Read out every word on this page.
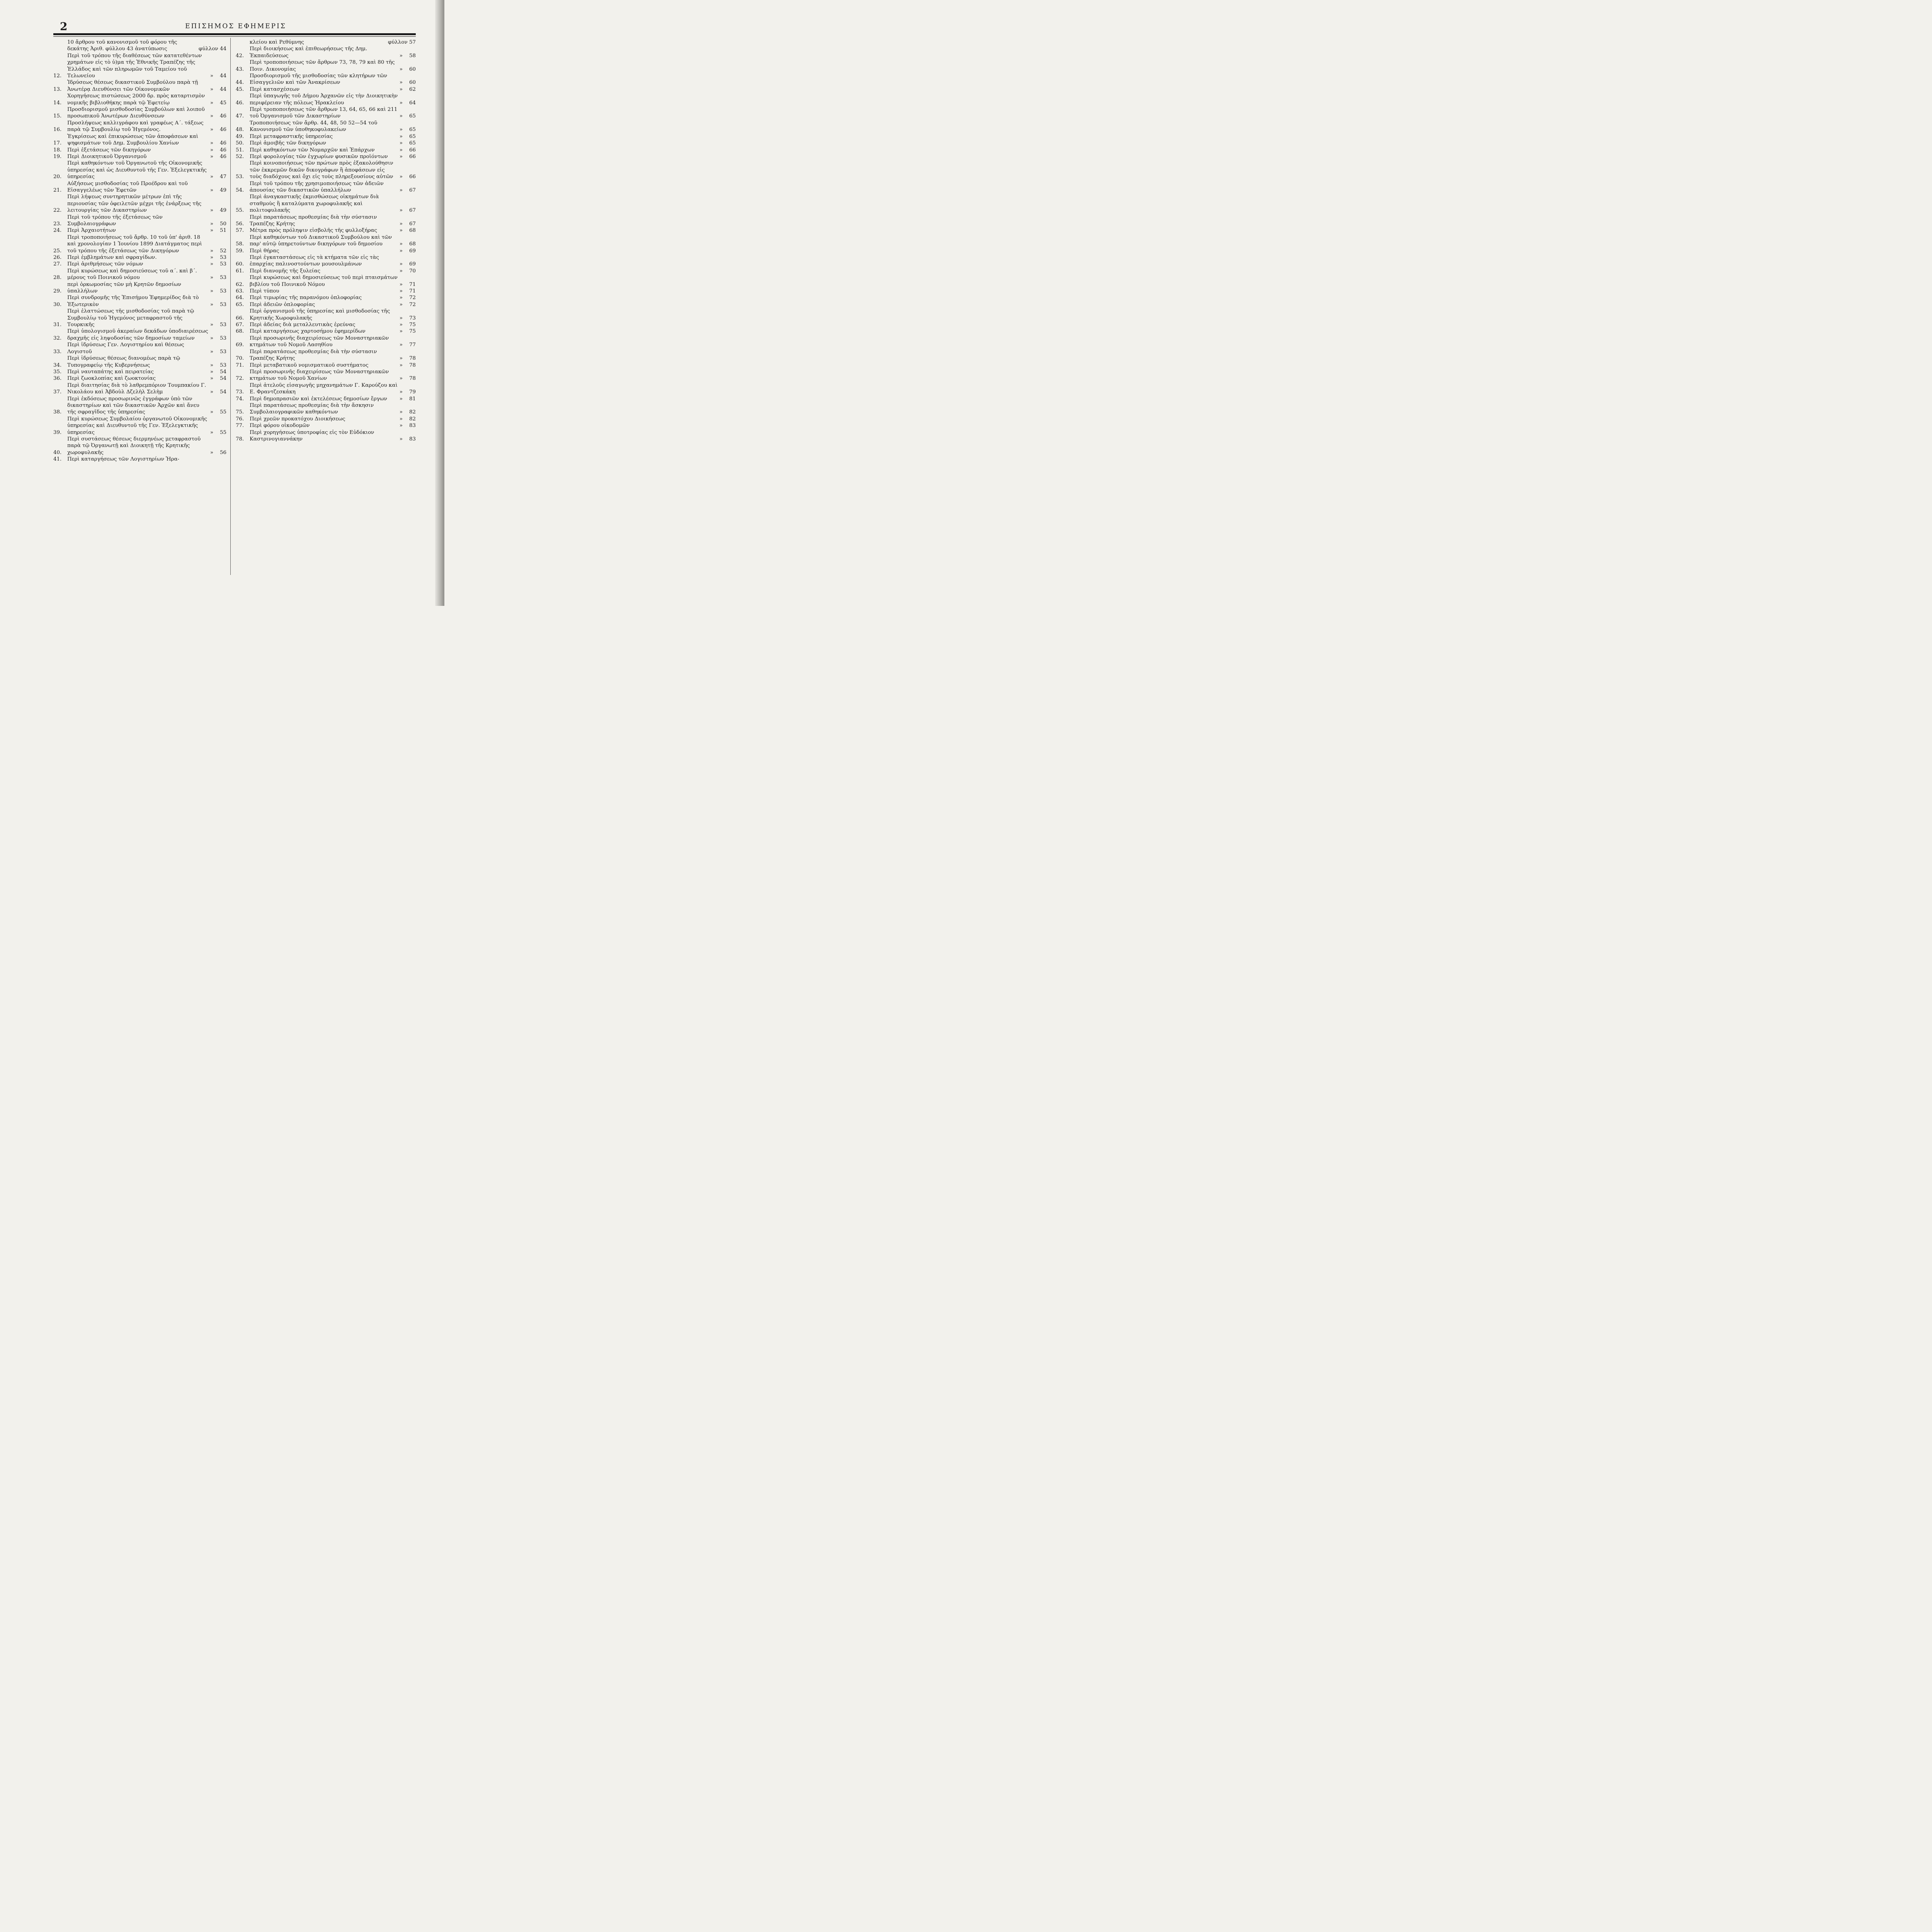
2	ΕΠΙΣΗΜΟΣ ΕΦΗΜΕΡΙΣ
10 ἄρθρου τοῦ κανονισμοῦ τοῦ φόρου τῆς δεκάτης Ἀριθ. φύλλου 43 ἀνατύπωσις	φύλλον 44
12.
Περὶ τοῦ τρόπου τῆς διαθέσεως τῶν κατατεθέντων χρημάτων εἰς τὸ ὑ)μα τῆς Ἐθνικῆς Τραπέζης τῆς Ἑλλάδος καὶ τῶν πληρωμῶν τοῦ Ταμείου τοῦ Τελωνείου	»	44
13.
Ἱδρύσεως θέσεως δικαστικοῦ Συμβούλου παρὰ τῇ Ἀνωτέρᾳ Διευθύνσει τῶν Οἰκονομικῶν	»	44
14.
Χορηγήσεως πιστώσεως 2000 δρ. πρὸς καταρτισμὸν νομικῆς βιβλιοθήκης παρὰ τῷ Ἐφετείῳ	»	45
15.
Προσδιορισμοῦ μισθοδοσίας Συμβούλων καὶ λοιποῦ προσωπικοῦ Ἀνωτέρων Διευθύνσεων	»	46
16.
Προσλήψεως καλλιγράφου καὶ γραφέως Α΄. τάξεως παρὰ τῷ Συμβουλίῳ τοῦ Ἡγεμόνος.	»	46
17.
Ἐγκρίσεως καὶ ἐπικυρώσεως τῶν ἀποφάσεων καὶ ψηφισμάτων τοῦ Δημ. Συμβουλίου Χανίων	»	46
18.	Περὶ ἐξετάσεως τῶν δικηγόρων	»	46
19.	Περὶ Διοικητικοῦ Ὀργανισμοῦ	»	46
20.
Περὶ καθηκόντων τοῦ Ὀργανωτοῦ τῆς Οἰκονομικῆς ὑπηρεσίας καὶ ὡς Διευθυντοῦ τῆς Γεν. Ἐξελεγκτικῆς ὑπηρεσίας	»	47
21.
Αὐξήσεως μισθοδοσίας τοῦ Προέδρου καὶ τοῦ Εἰσαγγελέως τῶν Ἐφετῶν	»	49
22.
Περὶ λήψεως συντηρητικῶν μέτρων ἐπὶ τῆς περιουσίας τῶν ὀφειλετῶν μέχρι τῆς ἐνάρξεως τῆς λειτουργίας τῶν Δικαστηρίων	»	49
23.
Περὶ τοῦ τρόπου τῆς ἐξετάσεως τῶν Συμβολαιογράφων	»	50
24.	Περὶ Ἀρχαιοτήτων	»	51
25.
Περὶ τροποποιήσεως τοῦ ἄρθρ. 10 τοῦ ὑπ' ἀριθ. 18 καὶ χρονολογίαν 1 Ἰουνίου 1899 Διατάγματος περὶ τοῦ τρόπου τῆς ἐξετάσεως τῶν Δικηγόρων	»	52
26.	Περὶ ἐμβλημάτων καὶ σφραγίδων.	»	53
27.	Περὶ ἀριθμήσεως τῶν νόμων	»	53
28.
Περὶ κυρώσεως καὶ δημοσιεύσεως τοῦ α΄. καὶ β΄. μέρους τοῦ Ποινικοῦ νόμου	»	53
29.
περὶ ὁρκωμοσίας τῶν μὴ Κρητῶν δημοσίων ὑπαλλήλων	»	53
30.
Περὶ συνδρομῆς τῆς Ἐπισήμου Ἐφημερίδος διὰ τὸ Ἐξωτερικὸν	»	53
31.
Περὶ ἐλαττώσεως τῆς μισθοδοσίας τοῦ παρὰ τῷ Συμβουλίῳ τοῦ Ἡγεμόνος μεταφραστοῦ τῆς Τουρκικῆς	»	53
32.
Περὶ ὑπολογισμοῦ ἀκεραίων δεκάδων ὑποδιαιρέσεως δραχμῆς εἰς ληψοδοσίας τῶν δημοσίων ταμείων	»	53
33.
Περὶ ἱδρύσεως Γεν. Λογιστηρίου καὶ θέσεως Λογιστοῦ	»	53
34.
Περὶ ἱδρύσεως θέσεως διανομέως παρὰ τῷ Τυπογραφείῳ τῆς Κυβερνήσεως	»	53
35.	Περὶ ναυταπάτης καὶ πειρατείας	»	54
36.	Περὶ ζωοκλοπίας καὶ ζωοκτονίας	»	54
37.
Περὶ διαιτησίας διὰ τὸ λαθρεμπόριον Τουμπακίου Γ. Νικολάου καὶ Ἀβδοὺλ Δζελὴλ Σελὴμ	»	54
38.
Περὶ ἐκδόσεως προσωρινῶς ἐγγράφων ὑπὸ τῶν δικαστηρίων καὶ τῶν δικαστικῶν Ἀρχῶν καὶ ἄνευ τῆς σφραγῖδος τῆς ὑπηρεσίας	»	55
39.
Περὶ κυρώσεως Συμβολαίου ὀργανωτοῦ Οἰκονομικῆς ὑπηρεσίας καὶ Διευθυντοῦ τῆς Γεν. Ἐξελεγκτικῆς ὑπηρεσίας	»	55
40.
Περὶ συστάσεως θέσεως διερμηνέως μεταφραστοῦ παρὰ τῷ Ὀργανωτῇ καὶ Διοικητῇ τῆς Κρητικῆς χωροφυλακῆς	»	56
41.	Περὶ καταργήσεως τῶν Λογιστηρίων Ἡρα-
κλείου καὶ Ρεθύμνης	φύλλον 57
42.
Περὶ διοικήσεως καὶ ἐπιθεωρήσεως τῆς Δημ. Ἐκπαιδεύσεως	»	58
43.
Περὶ τροποποιήσεως τῶν ἄρθρων 73, 78, 79 καὶ 80 τῆς Ποιν. Δικονομίας	»	60
44.
Προσδιορισμοῦ τῆς μισθοδοσίας τῶν κλητήρων τῶν Εἰσαγγελιῶν καὶ τῶν Ἀνακρίσεων	»	60
45.	Περὶ κατασχέσεων	»	62
46.
Περὶ ὑπαγωγῆς τοῦ Δήμου Ἀρχανῶν εἰς τὴν Διοικητικὴν περιφέρειαν τῆς πόλεως Ἡρακλείου	»	64
47.
Περὶ τροποποιήσεως τῶν ἄρθρων 13, 64, 65, 66 καὶ 211 τοῦ Ὀργανισμοῦ τῶν Δικαστηρίων	»	65
48.
Τροποποιήσεως τῶν ἄρθρ. 44, 48, 50 52—54 τοῦ Κανονισμοῦ τῶν ὑποθηκοφυλακείων	»	65
49.	Περὶ μεταφραστικῆς ὑπηρεσίας	»	65
50.	Περὶ ἀμοιβῆς τῶν δικηγόρων	»	65
51.	Περὶ καθηκόντων τῶν Νομαρχῶν καὶ Ἐπάρχων	»	66
52.	Περὶ φορολογίας τῶν ἐγχωρίων φυσικῶν προϊόντων	»	66
53.
Περὶ κοινοποιήσεως τῶν πρώτων πρὸς ἐξακολούθησιν τῶν ἐκκρεμῶν δικῶν δικογράφων ἢ ἀποφάσεων εἰς τοὺς διαδόχους καὶ ὄχι εἰς τοὺς πληρεξουσίους αὐτῶν	»	66
54.
Περὶ τοῦ τρόπου τῆς χρησιμοποιήσεως τῶν ἀδειῶν ἀπουσίας τῶν δικαστικῶν ὑπαλλήλων	»	67
55.
Περὶ ἀναγκαστικῆς ἐκμισθώσεως οἰκημάτων διὰ σταθμοὺς ἢ καταλύματα χωροφυλακῆς καὶ πολιτοφυλακῆς	»	67
56.
Περὶ παρατάσεως προθεσμίας διὰ τὴν σύστασιν Τραπέζης Κρήτης	»	67
57.	Μέτρα πρὸς πρόληψιν εἰσβολῆς τῆς φυλλοξήρας	»	68
58.
Περὶ καθηκόντων τοῦ Δικαστικοῦ Συμβούλου καὶ τῶν παρ' αὐτῷ ὑπηρετούντων δικηγόρων τοῦ δημοσίου	»	68
59.	Περὶ θήρας	»	69
60.
Περὶ ἐγκαταστάσεως εἰς τὰ κτήματα τῶν εἰς τὰς ἐπαρχίας παλινοστούντων μουσουλμάνων	»	69
61.	Περὶ διανομῆς τῆς ξυλείας	»	70
62.
Περὶ κυρώσεως καὶ δημοσιεύσεως τοῦ περὶ πταισμάτων βιβλίου τοῦ Ποινικοῦ Νόμου	»	71
63.	Περὶ τύπου	»	71
64.	Περὶ τιμωρίας τῆς παρανόμου ὁπλοφορίας	»	72
65.	Περὶ ἀδειῶν ὁπλοφορίας	»	72
66.
Περὶ ὀργανισμοῦ τῆς ὑπηρεσίας καὶ μισθοδοσίας τῆς Κρητικῆς Χωροφυλακῆς	»	73
67.	Περὶ ἀδείας διὰ μεταλλευτικὰς ἐρεύνας	»	75
68.	Περὶ καταργήσεως χαρτοσήμου ἐφημερίδων	»	75
69.
Περὶ προσωρινῆς διαχειρίσεως τῶν Μοναστηριακῶν κτημάτων τοῦ Νομοῦ Λασηθίου	»	77
70.
Περὶ παρατάσεως προθεσμίας διὰ τὴν σύστασιν Τραπέζης Κρήτης	»	78
71.	Περὶ μεταβατικοῦ νομισματικοῦ συστήματος	»	78
72.
Περὶ προσωρινῆς διαχειρίσεως τῶν Μοναστηριακῶν κτημάτων τοῦ Νομοῦ Χανίων	»	78
73.
Περὶ ἀτελοῦς εἰσαγωγῆς μηχανημάτων Γ. Καρούζου καὶ Ε. Φραντζεσκάκη	»	79
74.	Περὶ δημοπρασιῶν καὶ ἐκτελέσεως δημοσίων ἔργων	»	81
75.
Περὶ παρατάσεως προθεσμίας διὰ τὴν ἄσκησιν Συμβολαιογραφικῶν καθηκόντων	»	82
76.	Περὶ χρεῶν προκατόχου Διοικήσεως	»	82
77.	Περὶ φόρου οἰκοδομῶν	»	83
78.
Περὶ χορηγήσεως ὑποτροφίας εἰς τὸν Εὐδόκιον Καστρινογιαννάκην	»	83
